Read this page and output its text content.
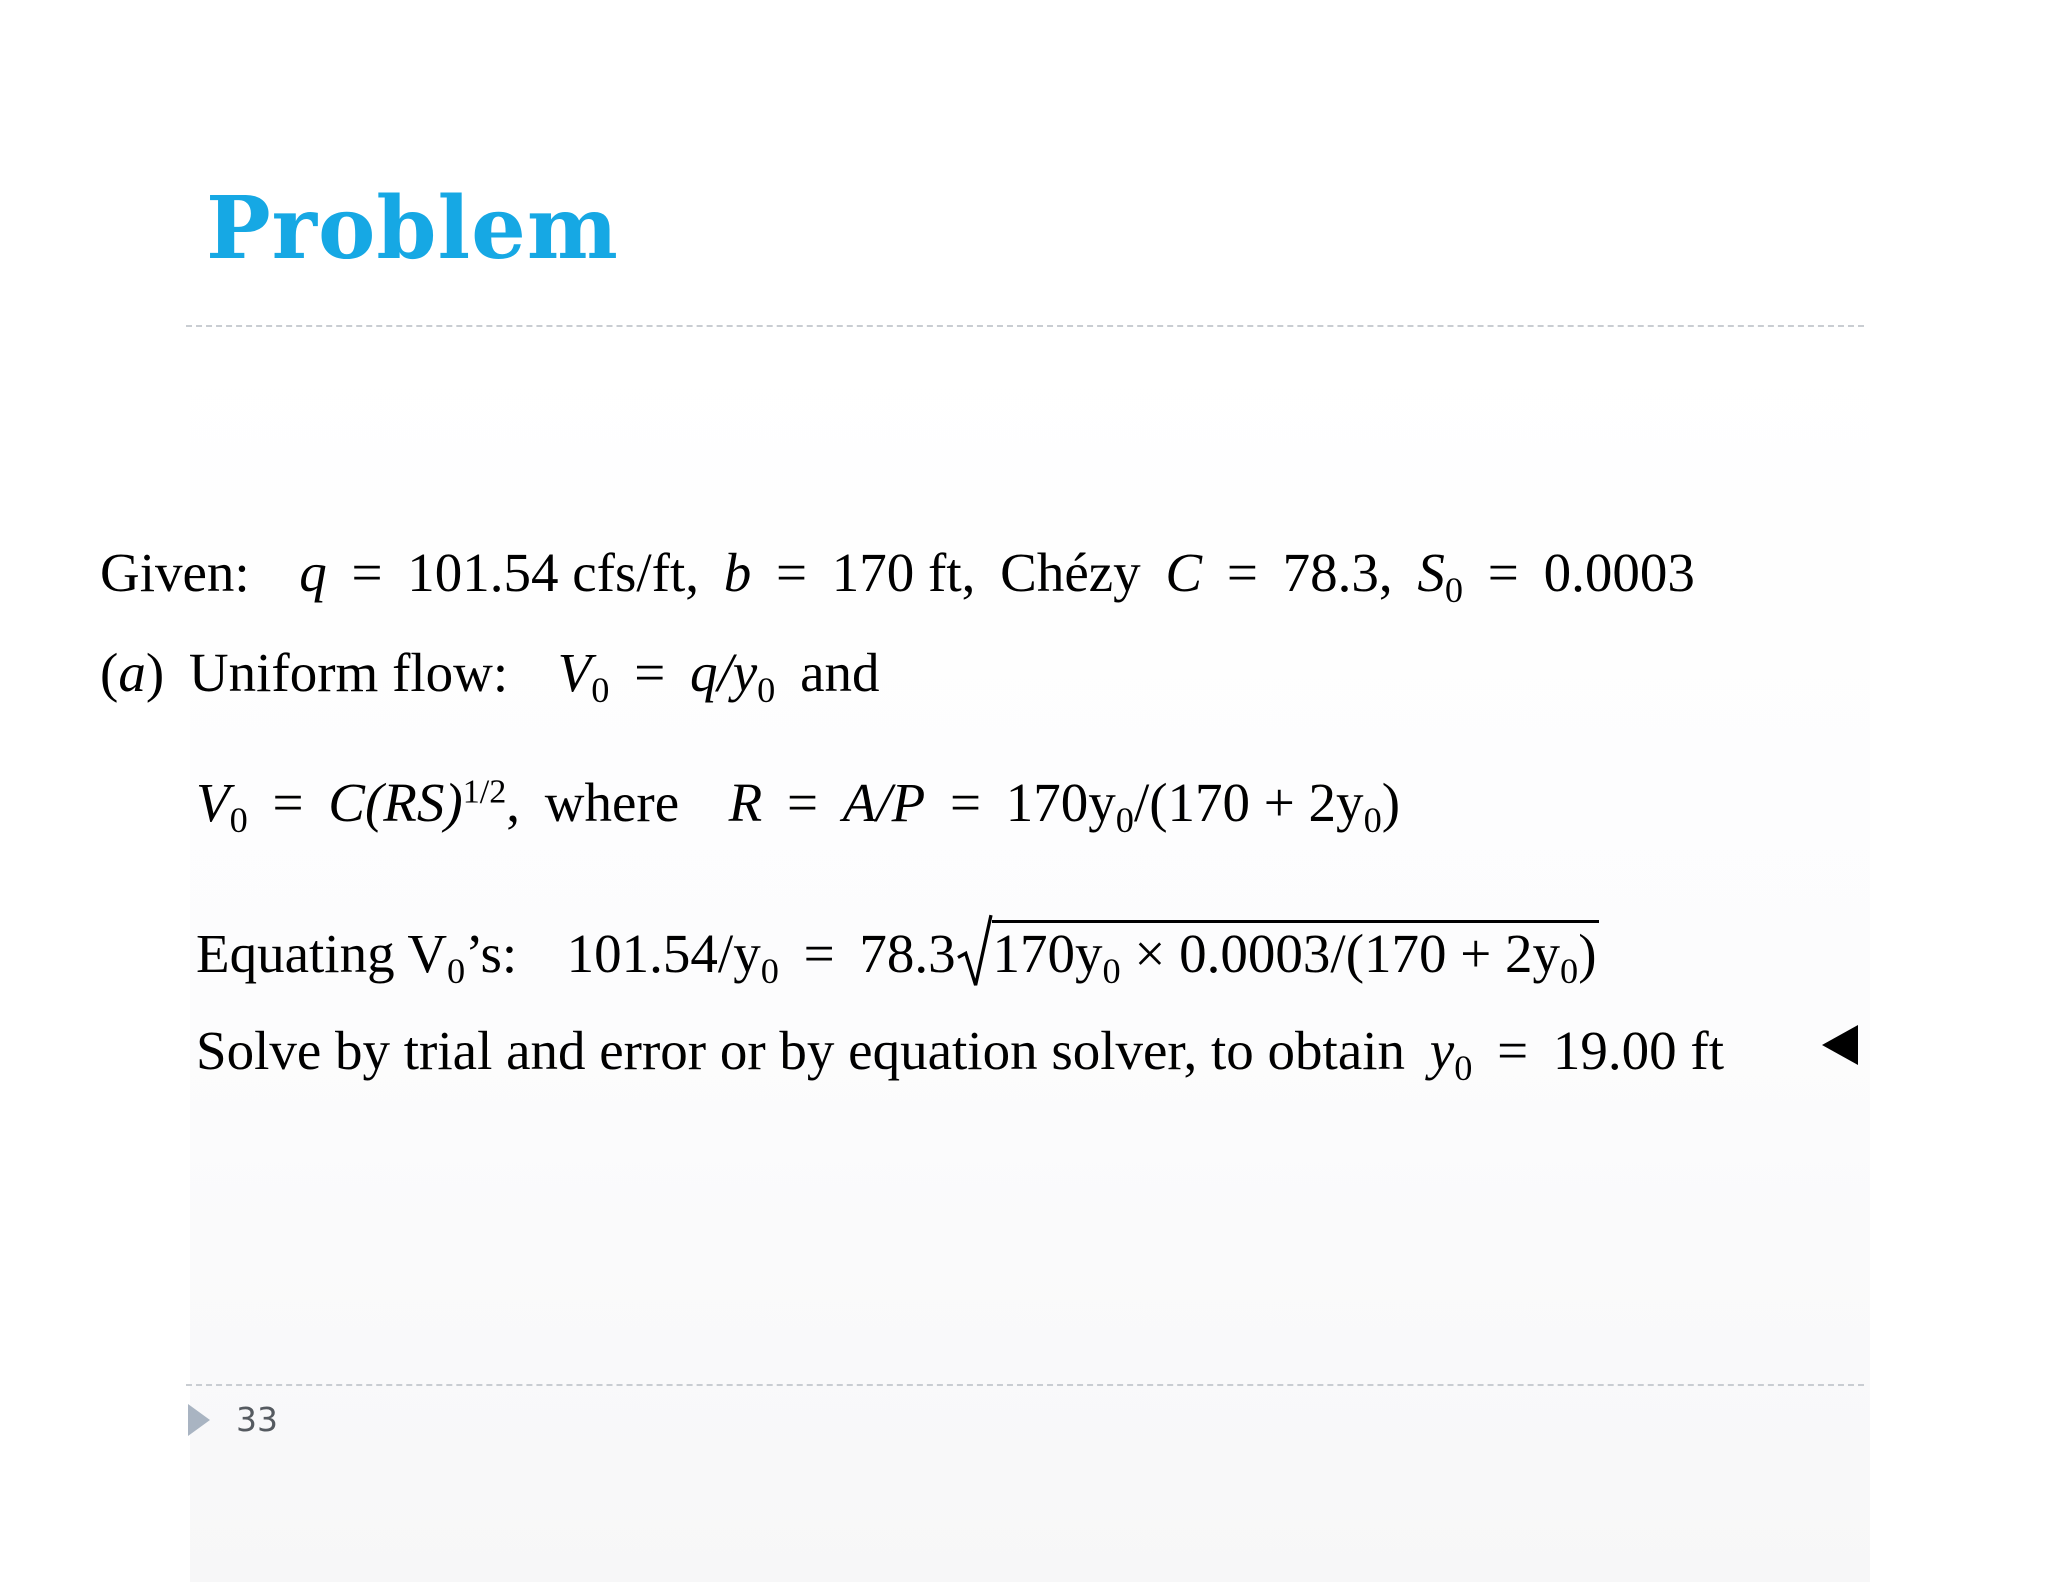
Problem
Given: q = 101.54 cfs/ft, b = 170 ft, Chézy C = 78.3, $S_0 = 0.0003$
(a) Uniform flow: $V_0 = q/y_0$ and
$V_0 = C(RS)^{1/2}$, where $R = A/P = 170y_0/(170 + 2y_0)$
Equating $V_0’s$: $101.54/y_0 = 78.3$ $170y_0 \times 0.0003/(170 + 2y_0)$
Solve by trial and error or by equation solver, to obtain $y_0 = 19.00$ ft
33
